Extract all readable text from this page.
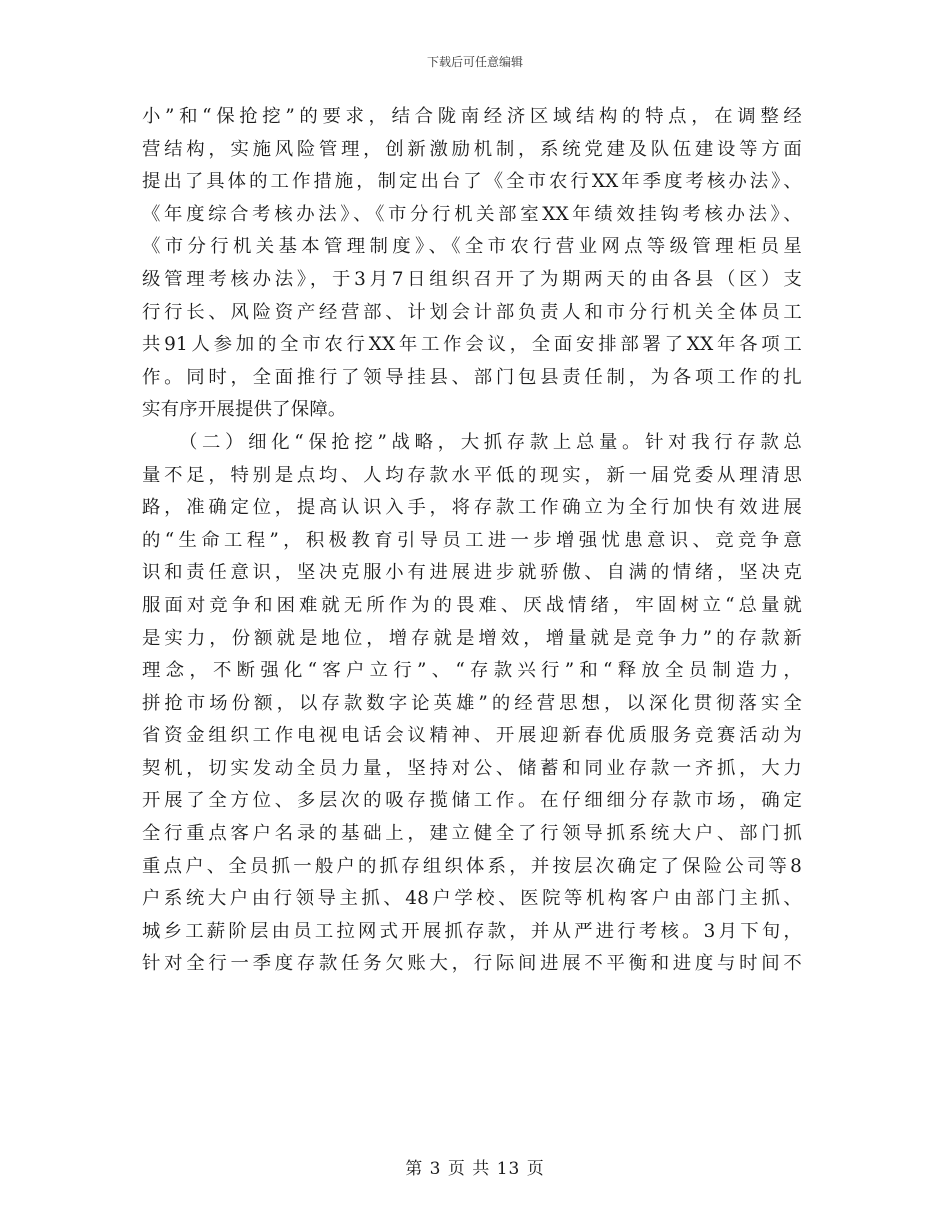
下载后可任意编辑
小”和“保抢挖”的要求，结合陇南经济区域结构的特点，在调整经
营结构，实施风险管理，创新激励机制，系统党建及队伍建设等方面
提出了具体的工作措施，制定出台了《全市农行XX年季度考核办法》、
《年度综合考核办法》、《市分行机关部室XX年绩效挂钩考核办法》、
《市分行机关基本管理制度》、《全市农行营业网点等级管理柜员星
级管理考核办法》，于3月7日组织召开了为期两天的由各县（区）支
行行长、风险资产经营部、计划会计部负责人和市分行机关全体员工
共91人参加的全市农行XX年工作会议，全面安排部署了XX年各项工
作。同时，全面推行了领导挂县、部门包县责任制，为各项工作的扎
实有序开展提供了保障。
（二）细化“保抢挖”战略，大抓存款上总量。针对我行存款总
量不足，特别是点均、人均存款水平低的现实，新一届党委从理清思
路，准确定位，提高认识入手，将存款工作确立为全行加快有效进展
的“生命工程”，积极教育引导员工进一步增强忧患意识、竞竞争意
识和责任意识，坚决克服小有进展进步就骄傲、自满的情绪，坚决克
服面对竞争和困难就无所作为的畏难、厌战情绪，牢固树立“总量就
是实力，份额就是地位，增存就是增效，增量就是竞争力”的存款新
理念，不断强化“客户立行”、“存款兴行”和“释放全员制造力，
拼抢市场份额，以存款数字论英雄”的经营思想，以深化贯彻落实全
省资金组织工作电视电话会议精神、开展迎新春优质服务竞赛活动为
契机，切实发动全员力量，坚持对公、储蓄和同业存款一齐抓，大力
开展了全方位、多层次的吸存揽储工作。在仔细细分存款市场，确定
全行重点客户名录的基础上，建立健全了行领导抓系统大户、部门抓
重点户、全员抓一般户的抓存组织体系，并按层次确定了保险公司等8
户系统大户由行领导主抓、48户学校、医院等机构客户由部门主抓、
城乡工薪阶层由员工拉网式开展抓存款，并从严进行考核。3月下旬，
针对全行一季度存款任务欠账大，行际间进展不平衡和进度与时间不
第 3 页 共 13 页
